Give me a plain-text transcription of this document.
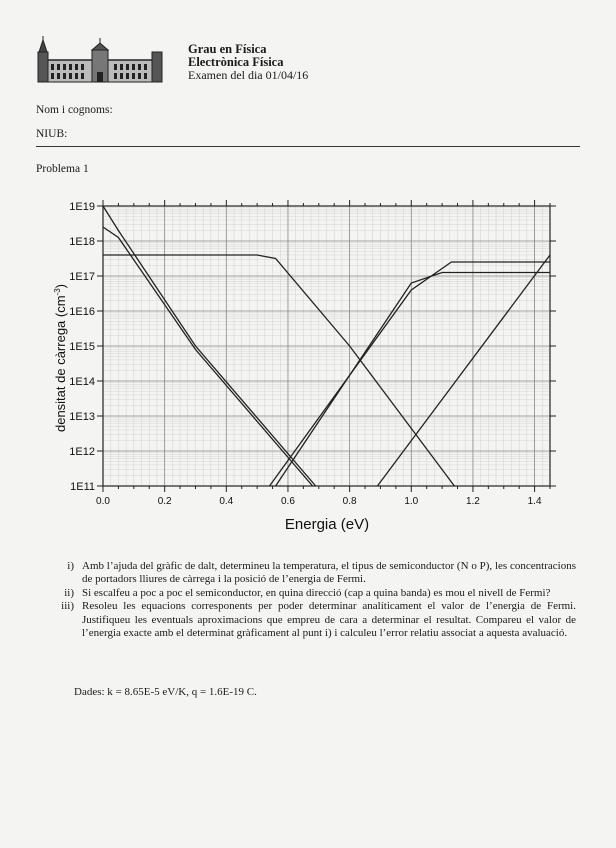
Grau en Física
Electrònica Física
Examen del dia 01/04/16
Nom i cognoms:
NIUB:
Problema 1
0.0	0.2	0.4	0.6	0.8	1.0	1.2	1.4
1E11
1E12
1E13
1E14
1E15
1E16
1E17
1E18
1E19
Energia (eV)
densitat de càrrega $(cm^{-3})$
i) Amb l’ajuda del gràfic de dalt, determineu la temperatura, el tipus de semiconductor (N o P), les concentracions de portadors lliures de càrrega i la posició de l’energia de Fermi.
ii) Si escalfeu a poc a poc el semiconductor, en quina direcció (cap a quina banda) es mou el nivell de Fermi?
iii) Resoleu les equacions corresponents per poder determinar analíticament el valor de l’energia de Fermi. Justifiqueu les eventuals aproximacions que empreu de cara a determinar el resultat. Compareu el valor de l’energia exacte amb el determinat gràficament al punt i) i calculeu l’error relatiu associat a aquesta avaluació.
Dades: k = 8.65E-5 eV/K, q = 1.6E-19 C.
